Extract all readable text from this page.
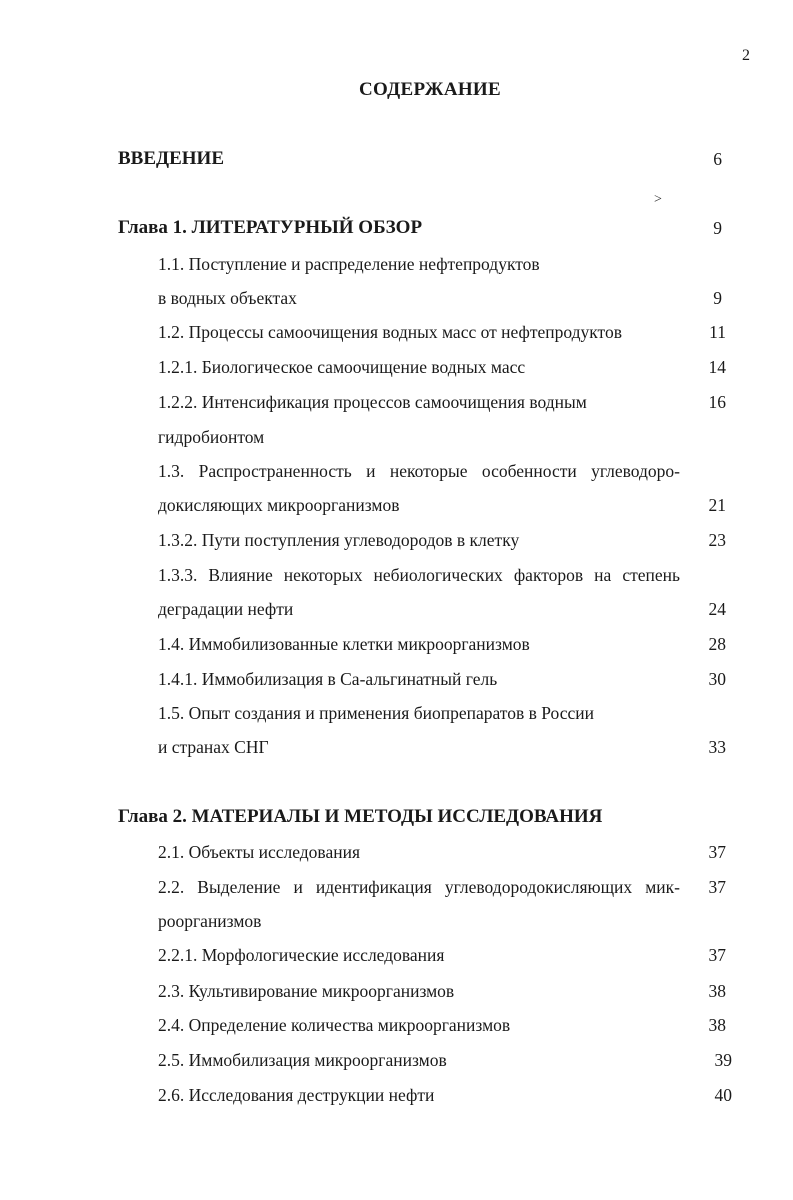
2
СОДЕРЖАНИЕ
ВВЕДЕНИЕ	6
>
Глава 1. ЛИТЕРАТУРНЫЙ ОБЗОР	9
1.1. Поступление и распределение нефтепродуктов
в водных объектах	9
1.2. Процессы самоочищения водных масс от нефтепродуктов	11
1.2.1. Биологическое самоочищение водных масс	14
1.2.2. Интенсификация процессов самоочищения водным	16
гидробионтом
1.3. Распространенность и некоторые особенности углеводоро-
докисляющих микроорганизмов	21
1.3.2. Пути поступления углеводородов в клетку	23
1.3.3. Влияние некоторых небиологических факторов на степень
деградации нефти	24
1.4. Иммобилизованные клетки микроорганизмов	28
1.4.1. Иммобилизация в Са-альгинатный гель	30
1.5. Опыт создания и применения биопрепаратов в России
и странах СНГ	33
Глава 2. МАТЕРИАЛЫ И МЕТОДЫ ИССЛЕДОВАНИЯ
2.1. Объекты исследования	37
2.2. Выделение и идентификация углеводородокисляющих мик-	37
роорганизмов
2.2.1. Морфологические исследования	37
2.3. Культивирование микроорганизмов	38
2.4. Определение количества микроорганизмов	38
2.5. Иммобилизация микроорганизмов	39
2.6. Исследования деструкции нефти	40
